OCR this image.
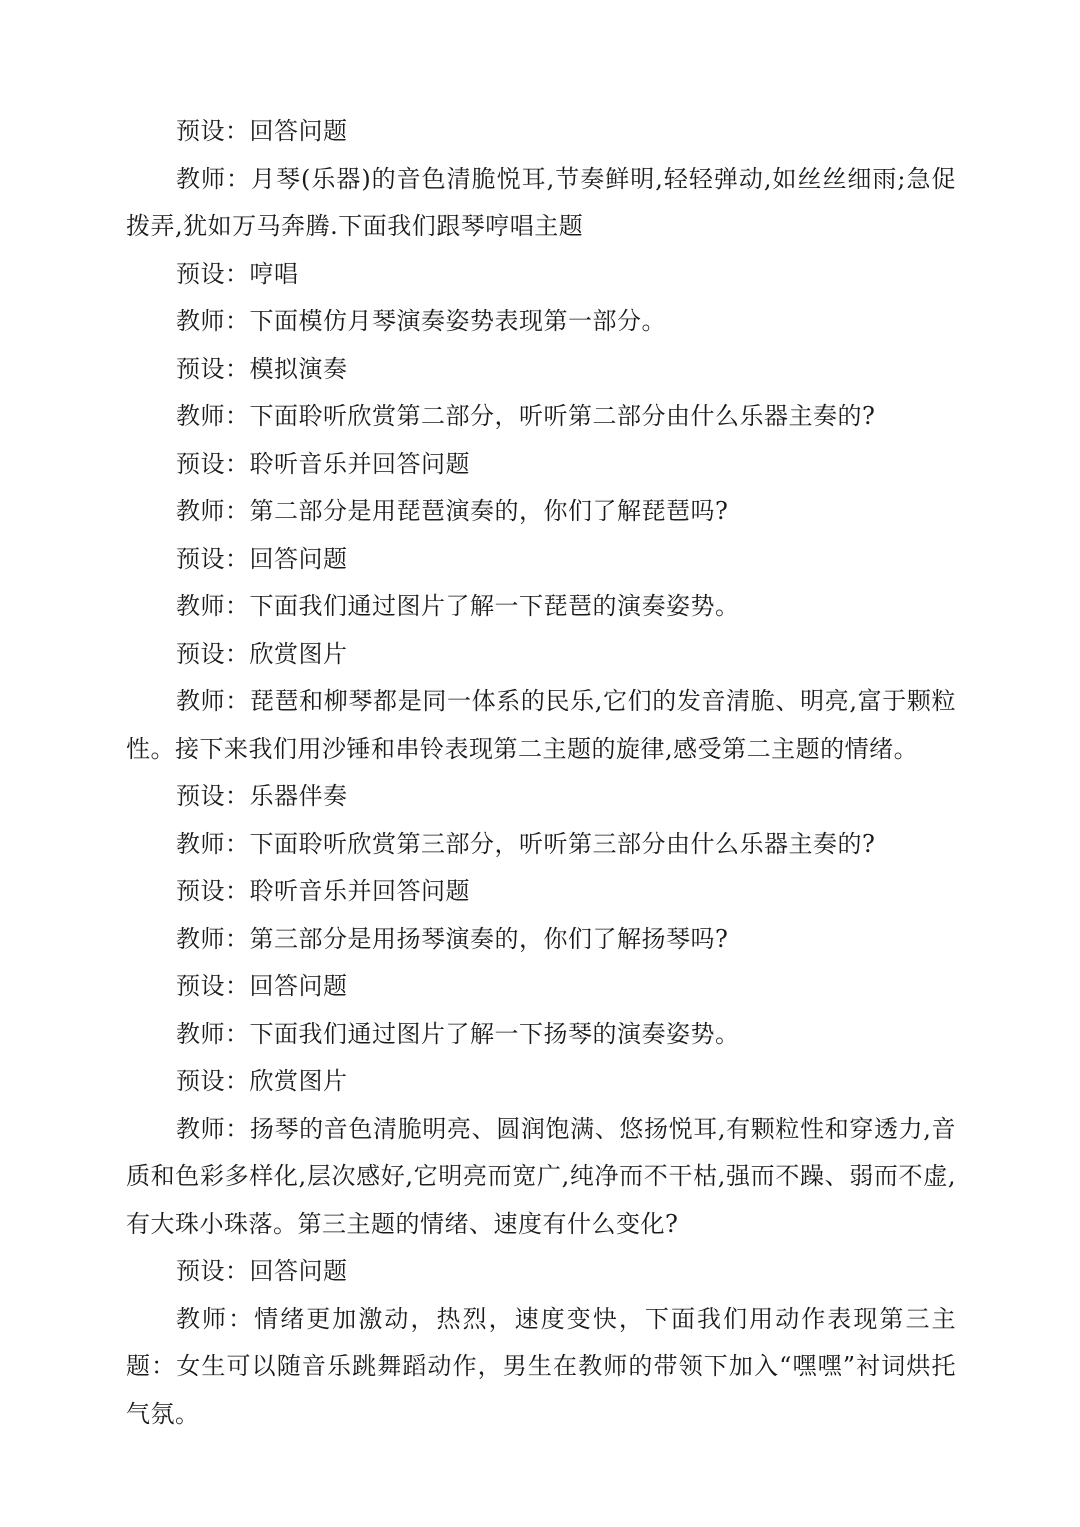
预设：回答问题

教师：月琴(乐器)的音色清脆悦耳,节奏鲜明,轻轻弹动,如丝丝细雨;急促拨弄,犹如万马奔腾.下面我们跟琴哼唱主题

预设：哼唱

教师：下面模仿月琴演奏姿势表现第一部分。

预设：模拟演奏

教师：下面聆听欣赏第二部分，听听第二部分由什么乐器主奏的?

预设：聆听音乐并回答问题

教师：第二部分是用琵琶演奏的，你们了解琵琶吗?

预设：回答问题

教师：下面我们通过图片了解一下琵琶的演奏姿势。

预设：欣赏图片

教师：琵琶和柳琴都是同一体系的民乐,它们的发音清脆、明亮,富于颗粒性。接下来我们用沙锤和串铃表现第二主题的旋律,感受第二主题的情绪。

预设：乐器伴奏

教师：下面聆听欣赏第三部分，听听第三部分由什么乐器主奏的?

预设：聆听音乐并回答问题

教师：第三部分是用扬琴演奏的，你们了解扬琴吗?

预设：回答问题

教师：下面我们通过图片了解一下扬琴的演奏姿势。

预设：欣赏图片

教师：扬琴的音色清脆明亮、圆润饱满、悠扬悦耳,有颗粒性和穿透力,音质和色彩多样化,层次感好,它明亮而宽广,纯净而不干枯,强而不躁、弱而不虚,有大珠小珠落。第三主题的情绪、速度有什么变化?

预设：回答问题

教师：情绪更加激动，热烈，速度变快，下面我们用动作表现第三主题：女生可以随音乐跳舞蹈动作，男生在教师的带领下加入“嘿嘿”衬词烘托气氛。
